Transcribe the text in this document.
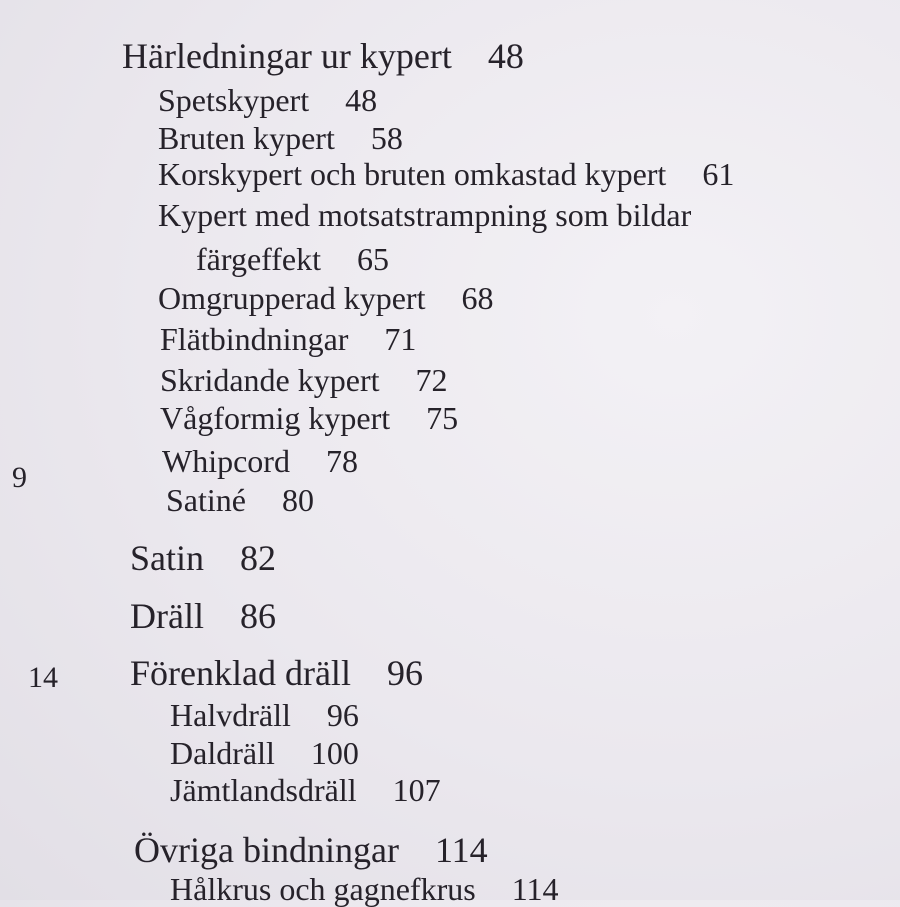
9
14
Härledningar ur kypert 48
Spetskypert 48
Bruten kypert 58
Korskypert och bruten omkastad kypert 61
Kypert med motsatstrampning som bildar
färgeffekt 65
Omgrupperad kypert 68
Flätbindningar 71
Skridande kypert 72
Vågformig kypert 75
Whipcord 78
Satiné 80
Satin 82
Dräll 86
Förenklad dräll 96
Halvdräll 96
Daldräll 100
Jämtlandsdräll 107
Övriga bindningar 114
Hålkrus och gagnefkrus 114
